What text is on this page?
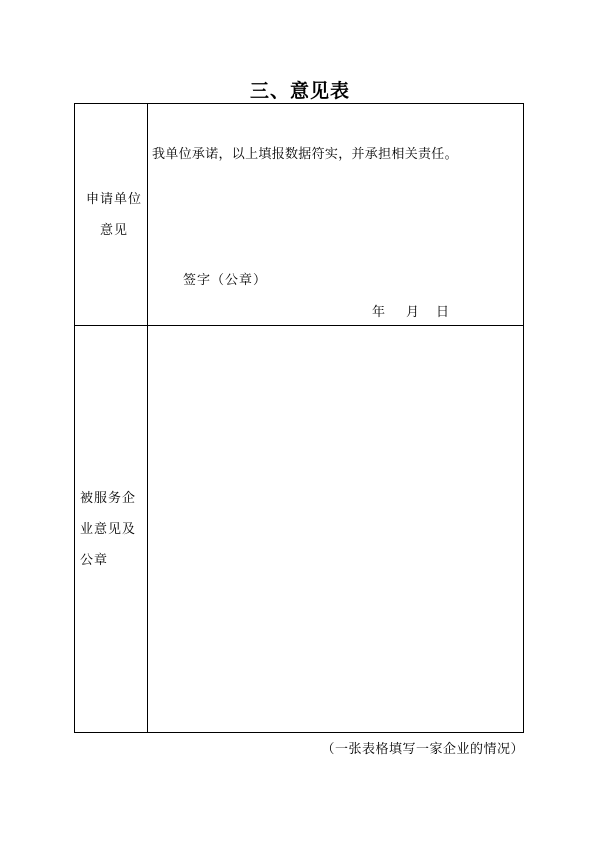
三、意见表
申请单位
意见
我单位承诺，以上填报数据符实，并承担相关责任。
签字（公章）
年 月 日
被服务企
业意见及
公章
（一张表格填写一家企业的情况）
